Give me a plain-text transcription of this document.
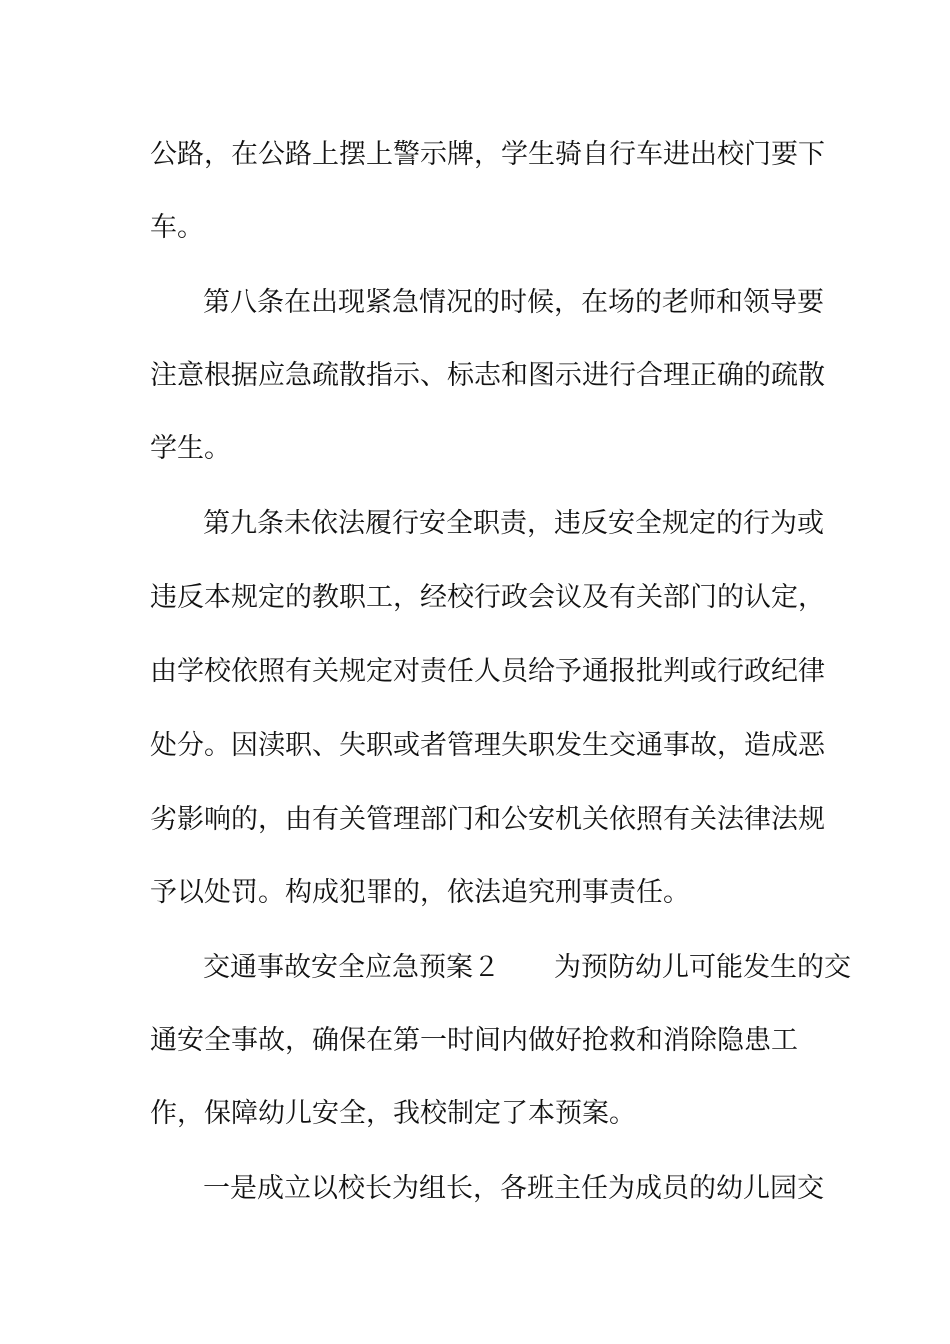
公路，在公路上摆上警示牌，学生骑自行车进出校门要下
车。
第八条在出现紧急情况的时候，在场的老师和领导要
注意根据应急疏散指示、标志和图示进行合理正确的疏散
学生。
第九条未依法履行安全职责，违反安全规定的行为或
违反本规定的教职工，经校行政会议及有关部门的认定，
由学校依照有关规定对责任人员给予通报批判或行政纪律
处分。因渎职、失职或者管理失职发生交通事故，造成恶
劣影响的，由有关管理部门和公安机关依照有关法律法规
予以处罚。构成犯罪的，依法追究刑事责任。
交通事故安全应急预案２　　为预防幼儿可能发生的交
通安全事故，确保在第一时间内做好抢救和消除隐患工
作，保障幼儿安全，我校制定了本预案。
一是成立以校长为组长，各班主任为成员的幼儿园交
